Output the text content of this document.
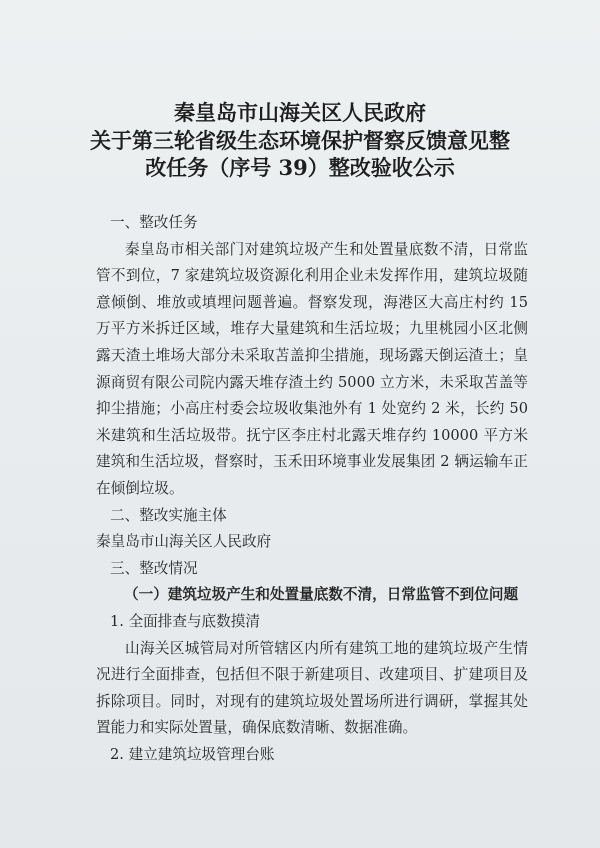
秦皇岛市山海关区人民政府
关于第三轮省级生态环境保护督察反馈意见整
改任务（序号 39）整改验收公示

一、整改任务

秦皇岛市相关部门对建筑垃圾产生和处置量底数不清，日常监管不到位，7 家建筑垃圾资源化利用企业未发挥作用，建筑垃圾随意倾倒、堆放或填埋问题普遍。督察发现，海港区大高庄村约 15 万平方米拆迁区域，堆存大量建筑和生活垃圾；九里桃园小区北侧露天渣土堆场大部分未采取苫盖抑尘措施，现场露天倒运渣土；皇源商贸有限公司院内露天堆存渣土约 5000 立方米，未采取苫盖等抑尘措施；小高庄村委会垃圾收集池外有 1 处宽约 2 米，长约 50 米建筑和生活垃圾带。抚宁区李庄村北露天堆存约 10000 平方米建筑和生活垃圾，督察时，玉禾田环境事业发展集团 2 辆运输车正在倾倒垃圾。

二、整改实施主体

秦皇岛市山海关区人民政府

三、整改情况

（一）建筑垃圾产生和处置量底数不清，日常监管不到位问题

1. 全面排查与底数摸清

山海关区城管局对所管辖区内所有建筑工地的建筑垃圾产生情况进行全面排查，包括但不限于新建项目、改建项目、扩建项目及拆除项目。同时，对现有的建筑垃圾处置场所进行调研，掌握其处置能力和实际处置量，确保底数清晰、数据准确。

2. 建立建筑垃圾管理台账
